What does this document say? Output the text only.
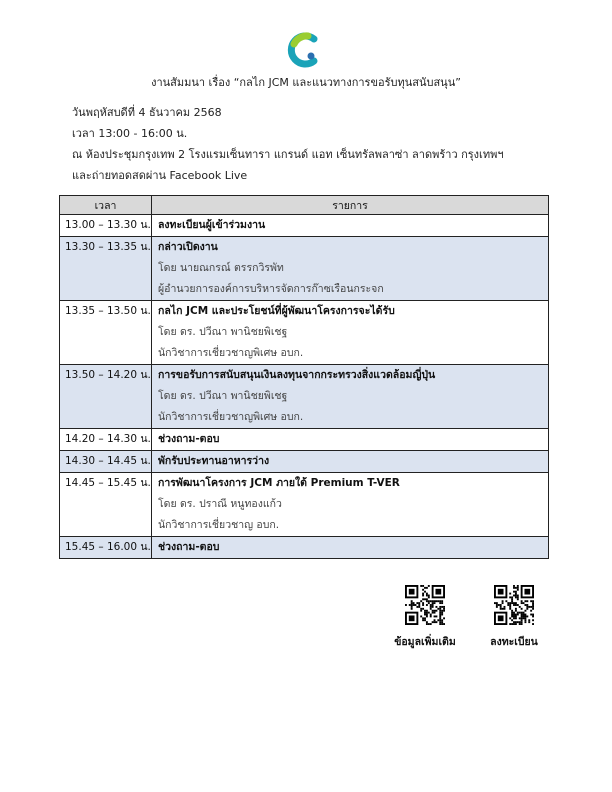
งานสัมมนา เรื่อง “กลไก JCM และแนวทางการขอรับทุนสนับสนุน”
วันพฤหัสบดีที่ 4 ธันวาคม 2568
เวลา 13:00 - 16:00 น.
ณ ห้องประชุมกรุงเทพ 2 โรงแรมเซ็นทารา แกรนด์ แอท เซ็นทรัลพลาซ่า ลาดพร้าว กรุงเทพฯ
และถ่ายทอดสดผ่าน Facebook Live
เวลา	รายการ

13.00 – 13.30 น.	ลงทะเบียนผู้เข้าร่วมงาน

13.30 – 13.35 น.	กล่าวเปิดงาน
โดย นายณกรณ์ ตรรกวิรพัท
ผู้อำนวยการองค์การบริหารจัดการก๊าซเรือนกระจก

13.35 – 13.50 น.	กลไก JCM และประโยชน์ที่ผู้พัฒนาโครงการจะได้รับ
โดย ดร. ปวีณา พานิชยพิเชฐ
นักวิชาการเชี่ยวชาญพิเศษ อบก.

13.50 – 14.20 น.	การขอรับการสนับสนุนเงินลงทุนจากกระทรวงสิ่งแวดล้อมญี่ปุ่น
โดย ดร. ปวีณา พานิชยพิเชฐ
นักวิชาการเชี่ยวชาญพิเศษ อบก.

14.20 – 14.30 น.	ช่วงถาม-ตอบ

14.30 – 14.45 น.	พักรับประทานอาหารว่าง

14.45 – 15.45 น.	การพัฒนาโครงการ JCM ภายใต้ Premium T-VER
โดย ดร. ปราณี หนูทองแก้ว
นักวิชาการเชี่ยวชาญ อบก.

15.45 – 16.00 น.	ช่วงถาม-ตอบ
ข้อมูลเพิ่มเติม	ลงทะเบียน
